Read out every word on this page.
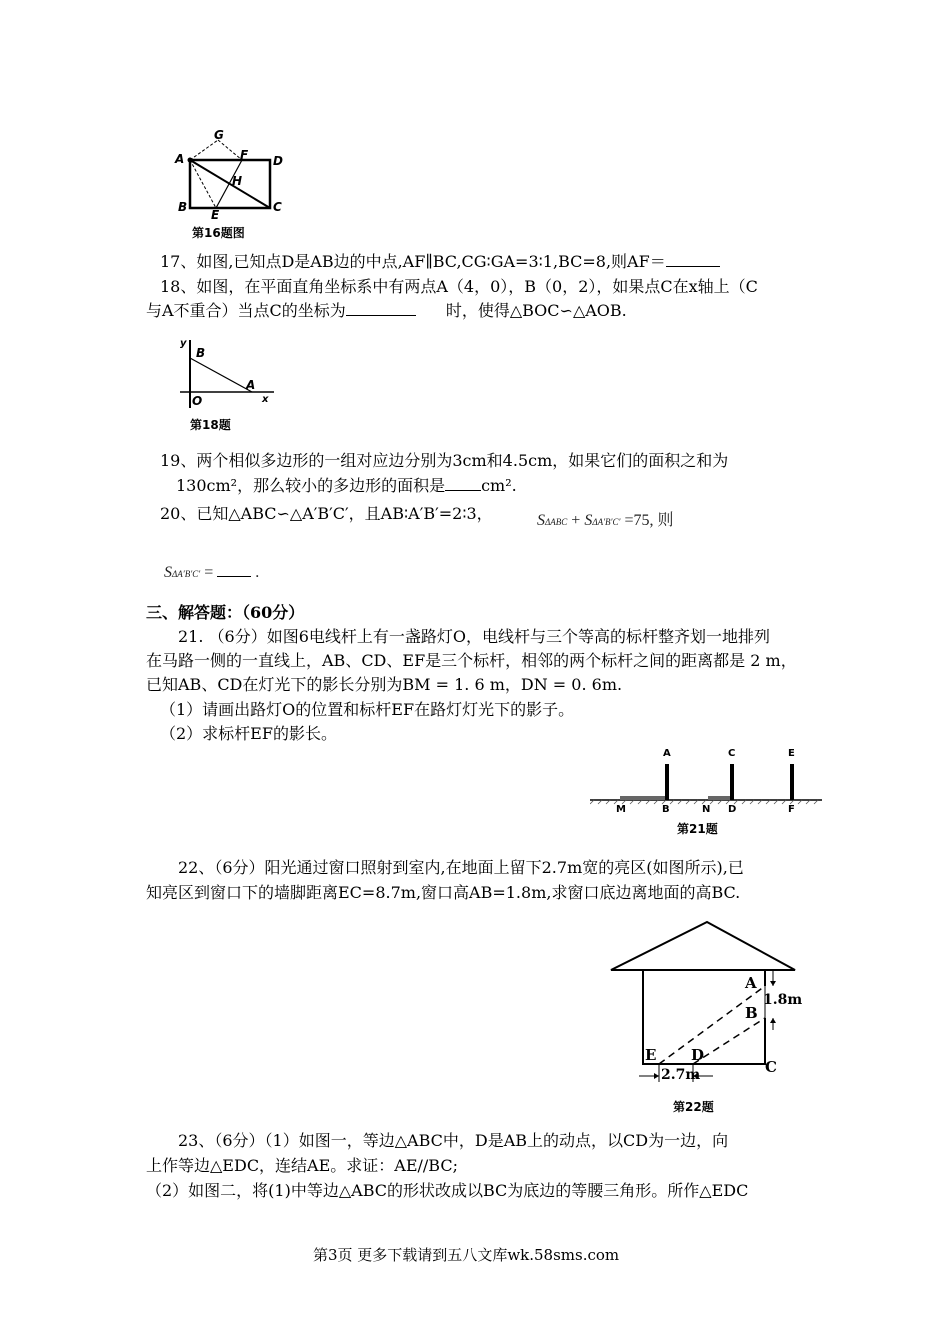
A
G
F D
H
B
E
C
第16题图
17、如图,已知点D是AB边的中点,AF∥BC,CG∶GA=3∶1,BC=8,则AF＝
18、如图，在平面直角坐标系中有两点A（4，0），B（0，2），如果点C在x轴上（C
与A不重合）当点C的坐标为	时，使得△BOC∽△AOB.
y
B
A
O	x
第18题
19、两个相似多边形的一组对应边分别为3cm和4.5cm，如果它们的面积之和为
130cm²，那么较小的多边形的面积是 cm².
20、已知△ABC∽△A′B′C′，且AB∶A′B′=2∶3，	SΔABC + SΔA′B′C′ =75, 则
SΔA′B′C′ =	.
三、解答题：（60分）
21. （6分）如图6电线杆上有一盏路灯O，电线杆与三个等高的标杆整齐划一地排列
在马路一侧的一直线上，AB、CD、EF是三个标杆，相邻的两个标杆之间的距离都是 2 m，
已知AB、CD在灯光下的影长分别为BM = 1. 6 m，DN = 0. 6m.
（1）请画出路灯O的位置和标杆EF在路灯灯光下的影子。
（2）求标杆EF的影长。
A	C	E
M	B	N D	F
第21题
22、（6分）阳光通过窗口照射到室内,在地面上留下2.7m宽的亮区(如图所示),已
知亮区到窗口下的墙脚距离EC=8.7m,窗口高AB=1.8m,求窗口底边离地面的高BC.
A
B
C
D
E
1.8m
2.7m
第22题
23、（6分）（1）如图一，等边△ABC中，D是AB上的动点，以CD为一边，向
上作等边△EDC，连结AE。求证：AE//BC;
（2）如图二，将(1)中等边△ABC的形状改成以BC为底边的等腰三角形。所作△EDC
第3页 更多下载请到五八文库wk.58sms.com
